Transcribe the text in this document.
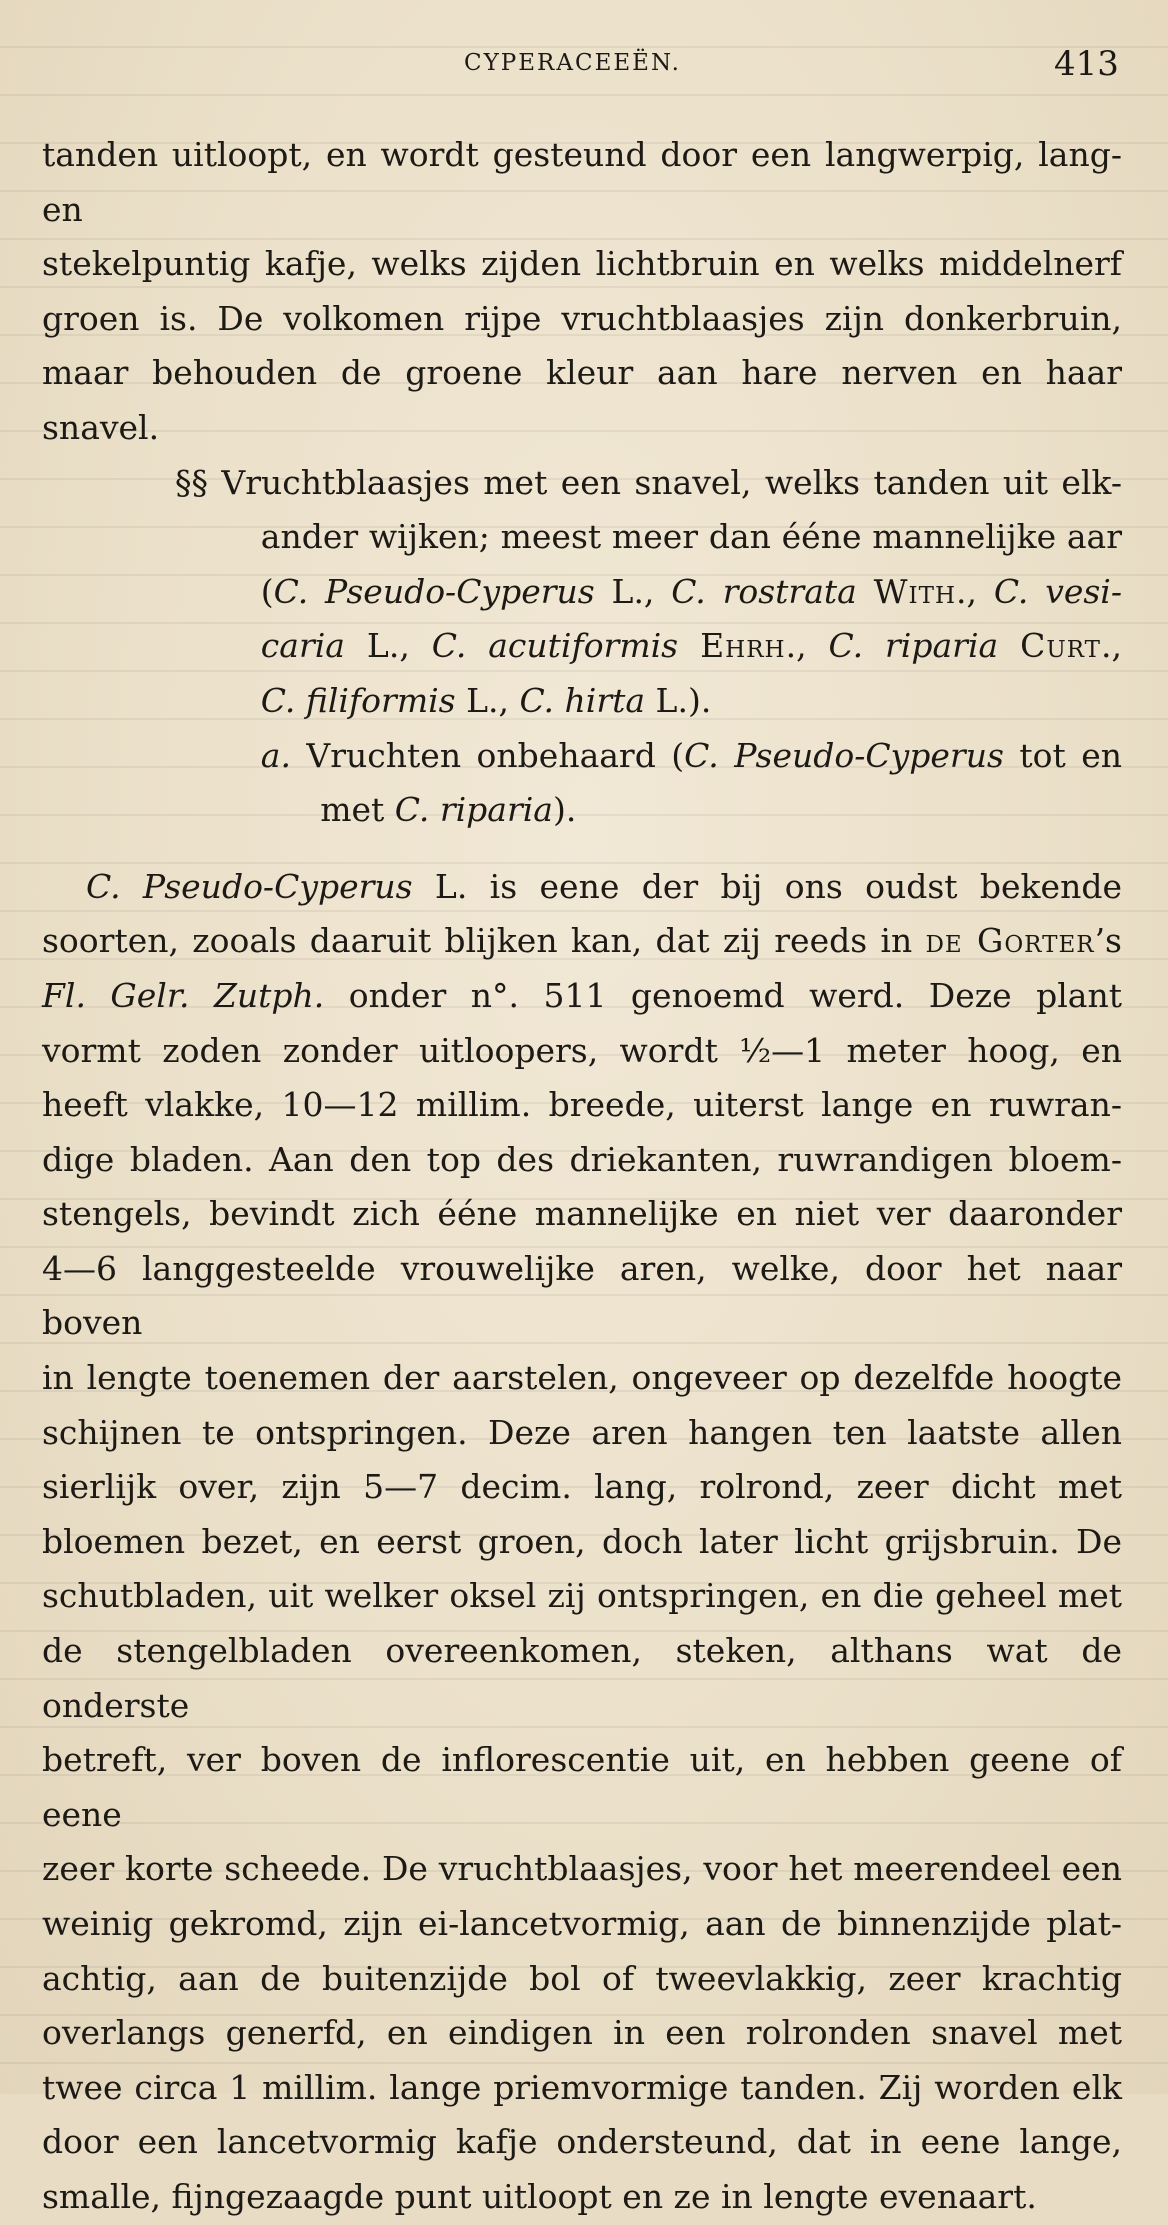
CYPERACEEËN.	413

tanden uitloopt, en wordt gesteund door een langwerpig, lang- en

stekelpuntig kafje, welks zijden lichtbruin en welks middelnerf

groen is. De volkomen rijpe vruchtblaasjes zijn donkerbruin,

maar behouden de groene kleur aan hare nerven en haar snavel.

§§ Vruchtblaasjes met een snavel, welks tanden uit elk-

ander wijken; meest meer dan ééne mannelijke aar

(C. Pseudo-Cyperus L., C. rostrata With., C. vesi-

caria L., C. acutiformis Ehrh., C. riparia Curt.,

C. filiformis L., C. hirta L.).

a. Vruchten onbehaard (C. Pseudo-Cyperus tot en

met C. riparia).

C. Pseudo-Cyperus L. is eene der bij ons oudst bekende

soorten, zooals daaruit blijken kan, dat zij reeds in de Gorter’s

Fl. Gelr. Zutph. onder n°. 511 genoemd werd. Deze plant

vormt zoden zonder uitloopers, wordt ½—1 meter hoog, en

heeft vlakke, 10—12 millim. breede, uiterst lange en ruwran-

dige bladen. Aan den top des driekanten, ruwrandigen bloem-

stengels, bevindt zich ééne mannelijke en niet ver daaronder

4—6 langgesteelde vrouwelijke aren, welke, door het naar boven

in lengte toenemen der aarstelen, ongeveer op dezelfde hoogte

schijnen te ontspringen. Deze aren hangen ten laatste allen

sierlijk over, zijn 5—7 decim. lang, rolrond, zeer dicht met

bloemen bezet, en eerst groen, doch later licht grijsbruin. De

schutbladen, uit welker oksel zij ontspringen, en die geheel met

de stengelbladen overeenkomen, steken, althans wat de onderste

betreft, ver boven de inflorescentie uit, en hebben geene of eene

zeer korte scheede. De vruchtblaasjes, voor het meerendeel een

weinig gekromd, zijn ei-lancetvormig, aan de binnenzijde plat-

achtig, aan de buitenzijde bol of tweevlakkig, zeer krachtig

overlangs generfd, en eindigen in een rolronden snavel met

twee circa 1 millim. lange priemvormige tanden. Zij worden elk

door een lancetvormig kafje ondersteund, dat in eene lange,

smalle, fijngezaagde punt uitloopt en ze in lengte evenaart.
